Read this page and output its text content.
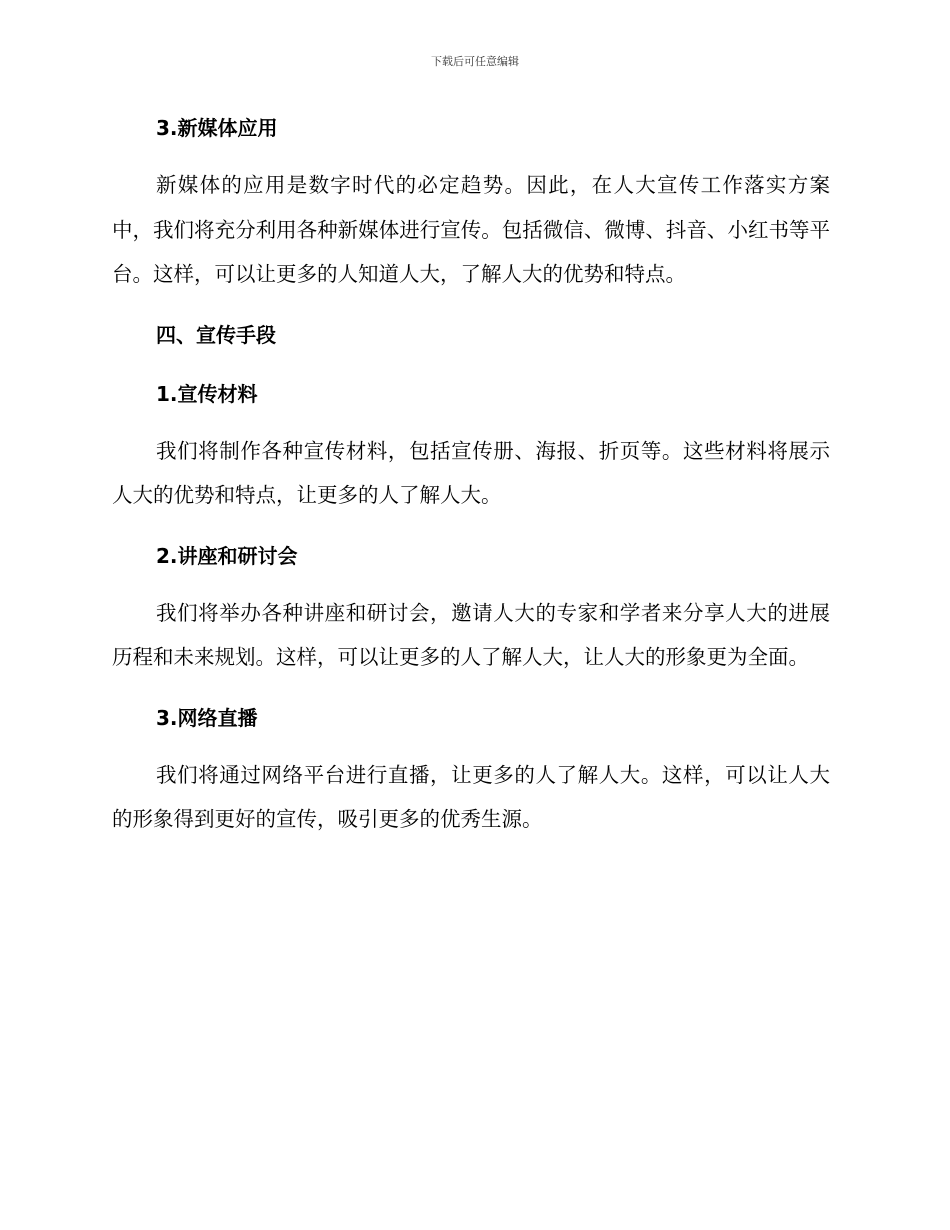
下载后可任意编辑
3.新媒体应用

新媒体的应用是数字时代的必定趋势。因此，在人大宣传工作落实方案中，我们将充分利用各种新媒体进行宣传。包括微信、微博、抖音、小红书等平台。这样，可以让更多的人知道人大，了解人大的优势和特点。

四、宣传手段
1.宣传材料

我们将制作各种宣传材料，包括宣传册、海报、折页等。这些材料将展示人大的优势和特点，让更多的人了解人大。

2.讲座和研讨会

我们将举办各种讲座和研讨会，邀请人大的专家和学者来分享人大的进展历程和未来规划。这样，可以让更多的人了解人大，让人大的形象更为全面。

3.网络直播

我们将通过网络平台进行直播，让更多的人了解人大。这样，可以让人大的形象得到更好的宣传，吸引更多的优秀生源。
